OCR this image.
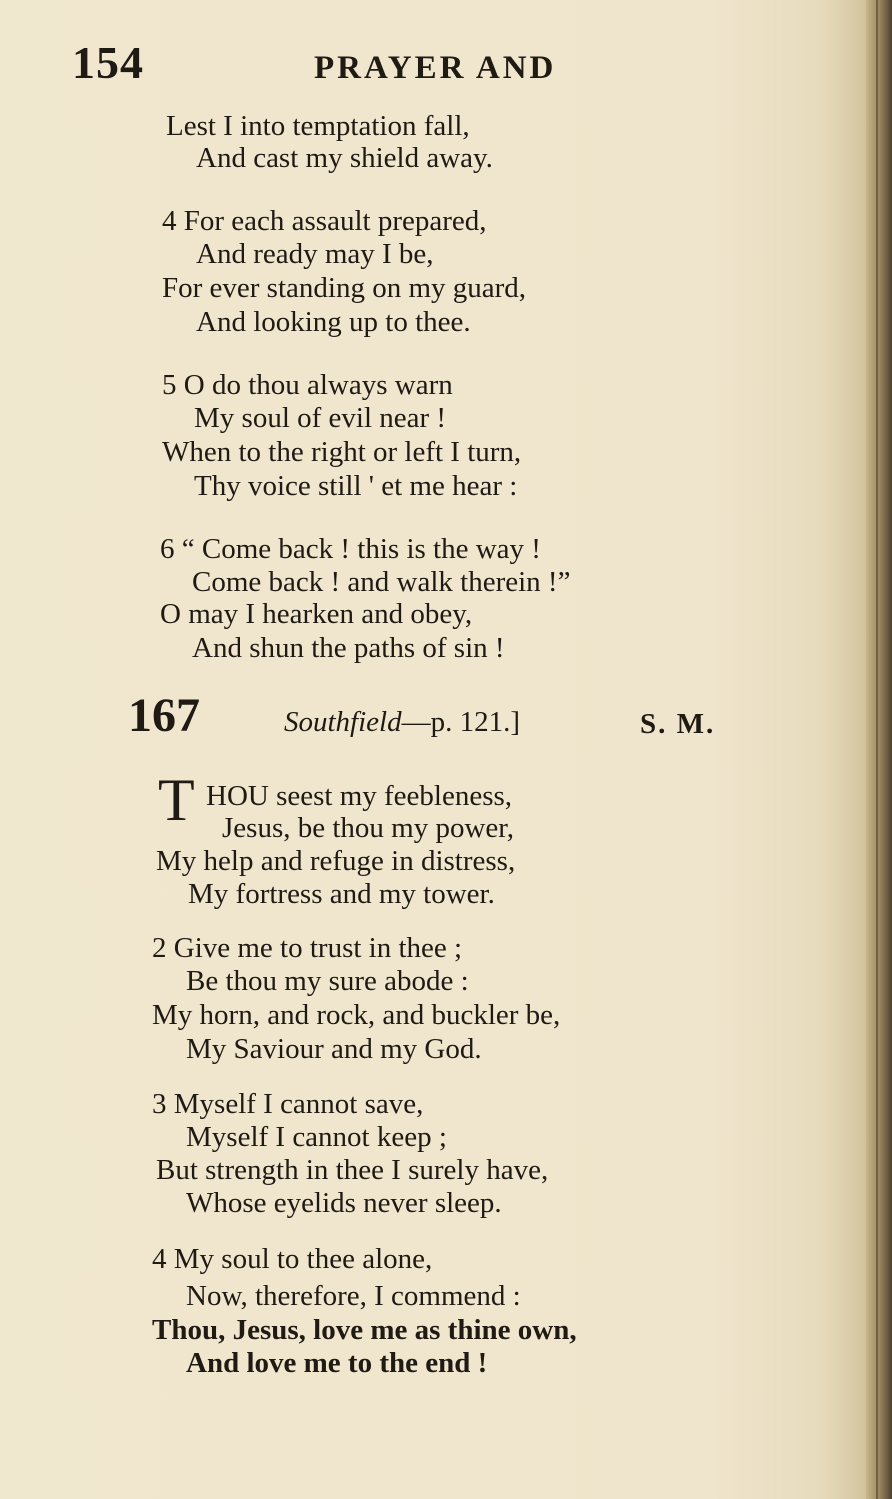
154	PRAYER AND
Lest I into temptation fall,
And cast my shield away.
4 For each assault prepared,
And ready may I be,
For ever standing on my guard,
And looking up to thee.
5 O do thou always warn
My soul of evil near !
When to the right or left I turn,
Thy voice still ' et me hear :
6 “ Come back ! this is the way !
Come back ! and walk therein !”
O may I hearken and obey,
And shun the paths of sin !
167	Southfield—p. 121.]	S. M.
T HOU seest my feebleness,
Jesus, be thou my power,
My help and refuge in distress,
My fortress and my tower.
2 Give me to trust in thee ;
Be thou my sure abode :
My horn, and rock, and buckler be,
My Saviour and my God.
3 Myself I cannot save,
Myself I cannot keep ;
But strength in thee I surely have,
Whose eyelids never sleep.
4 My soul to thee alone,
Now, therefore, I commend :
Thou, Jesus, love me as thine own,
And love me to the end !
